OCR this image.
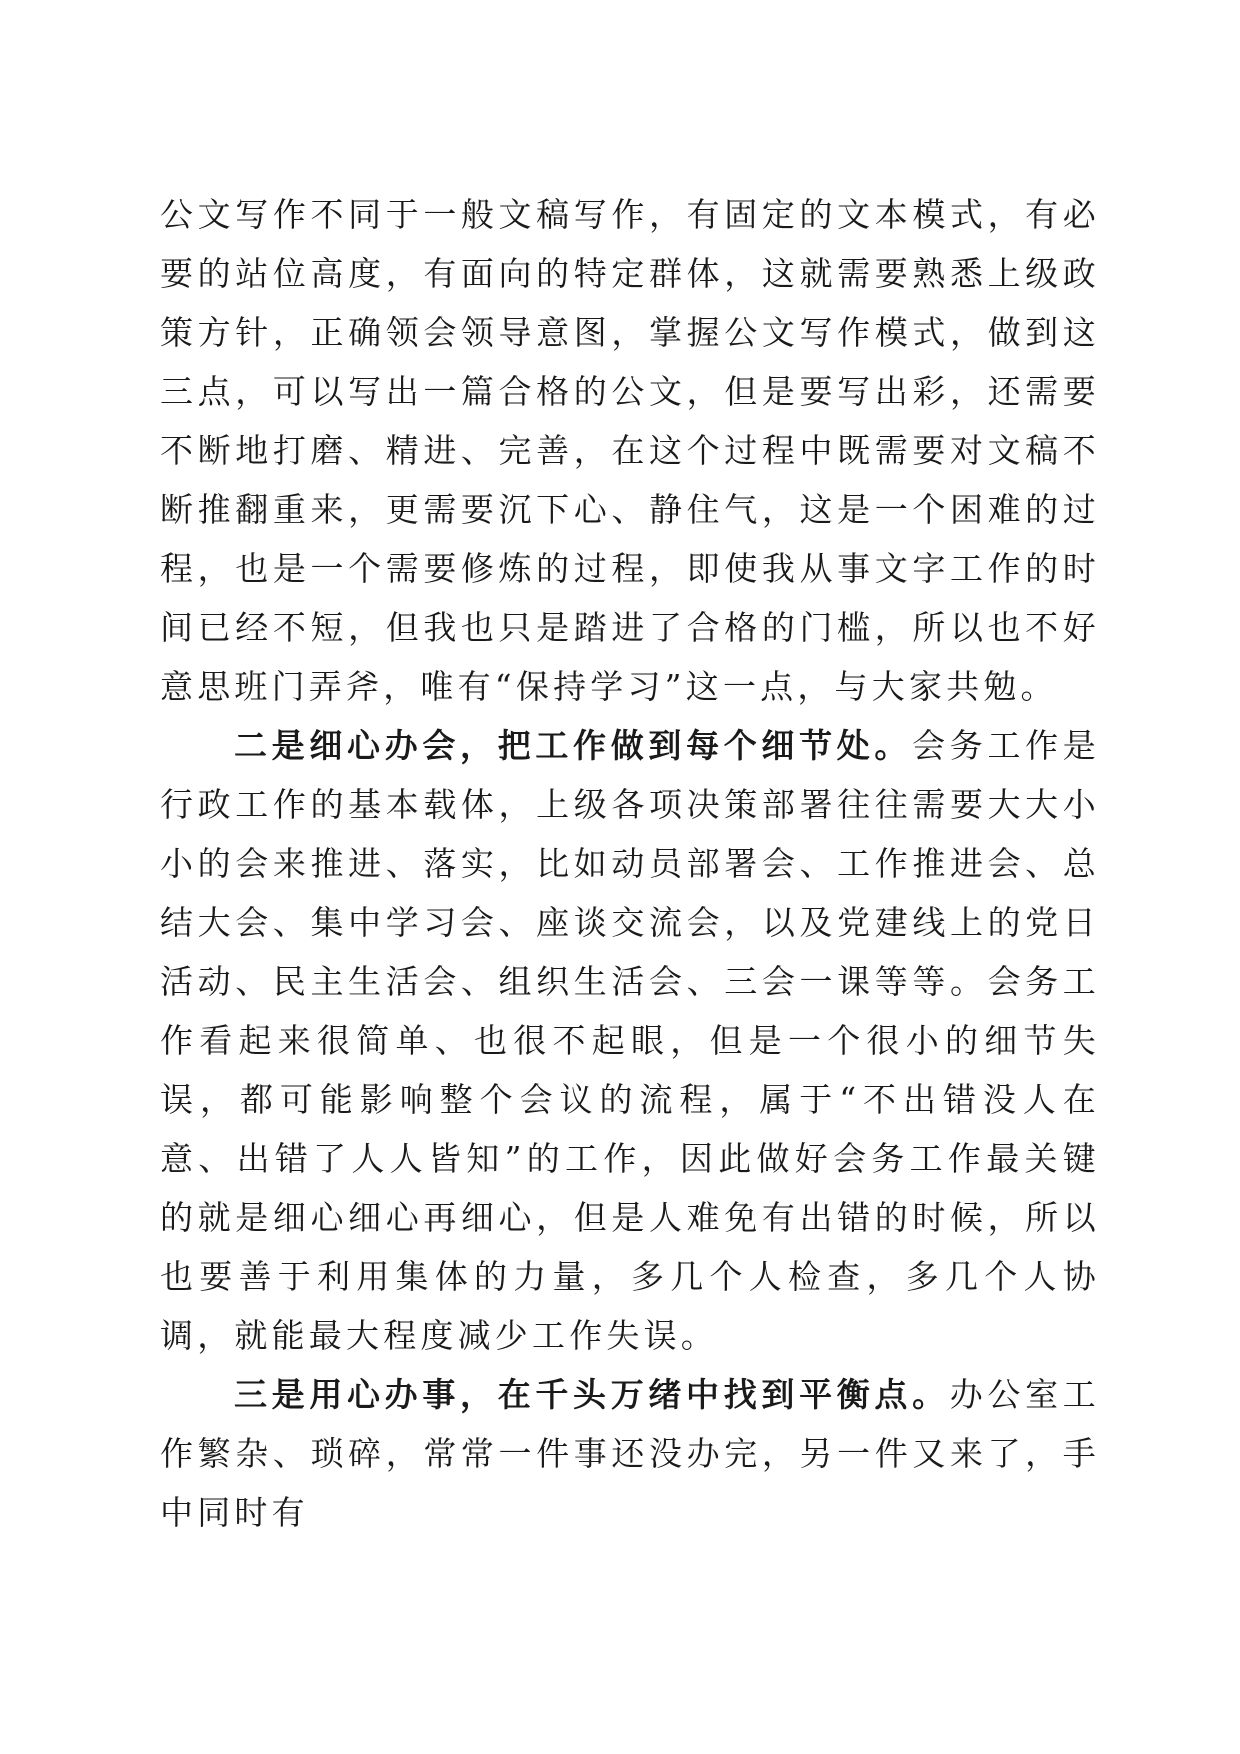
公文写作不同于一般文稿写作，有固定的文本模式，有必要的站位高度，有面向的特定群体，这就需要熟悉上级政策方针，正确领会领导意图，掌握公文写作模式，做到这三点，可以写出一篇合格的公文，但是要写出彩，还需要不断地打磨、精进、完善，在这个过程中既需要对文稿不断推翻重来，更需要沉下心、静住气，这是一个困难的过程，也是一个需要修炼的过程，即使我从事文字工作的时间已经不短，但我也只是踏进了合格的门槛，所以也不好意思班门弄斧，唯有“保持学习”这一点，与大家共勉。

二是细心办会，把工作做到每个细节处。会务工作是行政工作的基本载体，上级各项决策部署往往需要大大小小的会来推进、落实，比如动员部署会、工作推进会、总结大会、集中学习会、座谈交流会，以及党建线上的党日活动、民主生活会、组织生活会、三会一课等等。会务工作看起来很简单、也很不起眼，但是一个很小的细节失误，都可能影响整个会议的流程，属于“不出错没人在意、出错了人人皆知”的工作，因此做好会务工作最关键的就是细心细心再细心，但是人难免有出错的时候，所以也要善于利用集体的力量，多几个人检查，多几个人协调，就能最大程度减少工作失误。

三是用心办事，在千头万绪中找到平衡点。办公室工作繁杂、琐碎，常常一件事还没办完，另一件又来了，手中同时有
